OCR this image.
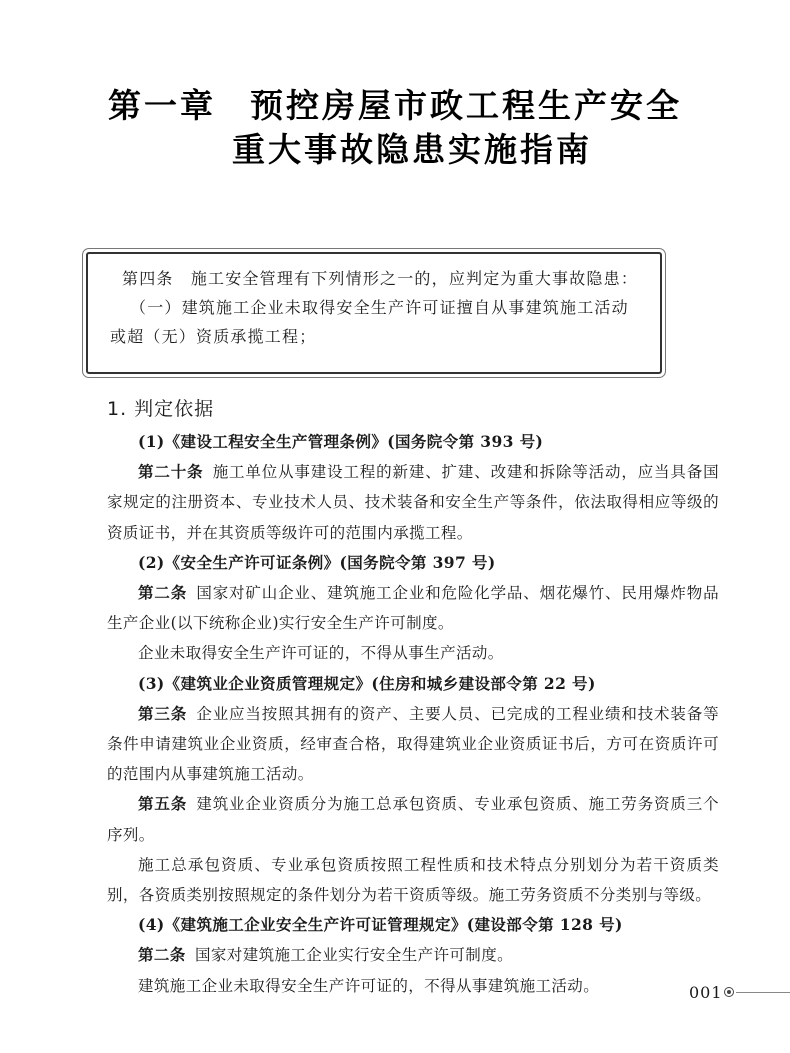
第一章 预控房屋市政工程生产安全
重大事故隐患实施指南

第四条　 施工安全管理有下列情形之一的，应判定为重大事故隐患：

（一）建筑施工企业未取得安全生产许可证擅自从事建筑施工活动或超（无）资质承揽工程；

1. 判定依据

(1)《建设工程安全生产管理条例》(国务院令第 393 号)

第二十条 施工单位从事建设工程的新建、扩建、改建和拆除等活动，应当具备国家规定的注册资本、专业技术人员、技术装备和安全生产等条件，依法取得相应等级的资质证书，并在其资质等级许可的范围内承揽工程。

(2)《安全生产许可证条例》(国务院令第 397 号)

第二条 国家对矿山企业、建筑施工企业和危险化学品、烟花爆竹、民用爆炸物品生产企业(以下统称企业)实行安全生产许可制度。

企业未取得安全生产许可证的，不得从事生产活动。

(3)《建筑业企业资质管理规定》(住房和城乡建设部令第 22 号)

第三条 企业应当按照其拥有的资产、主要人员、已完成的工程业绩和技术装备等条件申请建筑业企业资质，经审查合格，取得建筑业企业资质证书后，方可在资质许可的范围内从事建筑施工活动。

第五条 建筑业企业资质分为施工总承包资质、专业承包资质、施工劳务资质三个序列。

施工总承包资质、专业承包资质按照工程性质和技术特点分别划分为若干资质类别，各资质类别按照规定的条件划分为若干资质等级。施工劳务资质不分类别与等级。

(4)《建筑施工企业安全生产许可证管理规定》(建设部令第 128 号)

第二条 国家对建筑施工企业实行安全生产许可制度。

建筑施工企业未取得安全生产许可证的，不得从事建筑施工活动。	001
